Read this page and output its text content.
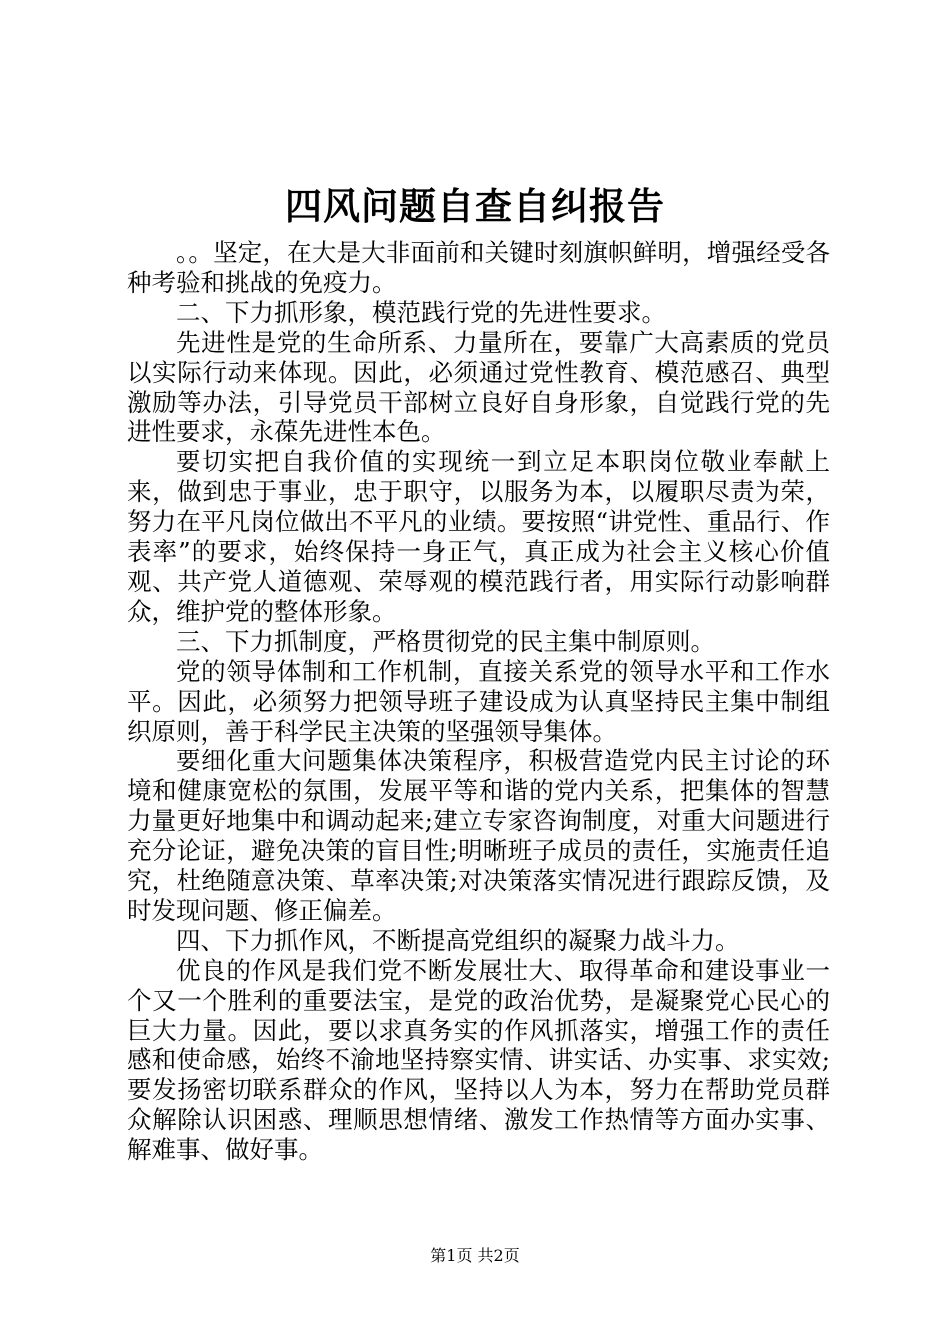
四风问题自查自纠报告

。。坚定，在大是大非面前和关键时刻旗帜鲜明，增强经受各种考验和挑战的免疫力。

二、下力抓形象，模范践行党的先进性要求。

先进性是党的生命所系、力量所在，要靠广大高素质的党员以实际行动来体现。因此，必须通过党性教育、模范感召、典型激励等办法，引导党员干部树立良好自身形象，自觉践行党的先进性要求，永葆先进性本色。

要切实把自我价值的实现统一到立足本职岗位敬业奉献上来，做到忠于事业，忠于职守，以服务为本，以履职尽责为荣，努力在平凡岗位做出不平凡的业绩。要按照“讲党性、重品行、作表率”的要求，始终保持一身正气，真正成为社会主义核心价值观、共产党人道德观、荣辱观的模范践行者，用实际行动影响群众，维护党的整体形象。

三、下力抓制度，严格贯彻党的民主集中制原则。

党的领导体制和工作机制，直接关系党的领导水平和工作水平。因此，必须努力把领导班子建设成为认真坚持民主集中制组织原则，善于科学民主决策的坚强领导集体。

要细化重大问题集体决策程序，积极营造党内民主讨论的环境和健康宽松的氛围，发展平等和谐的党内关系，把集体的智慧力量更好地集中和调动起来;建立专家咨询制度，对重大问题进行充分论证，避免决策的盲目性;明晰班子成员的责任，实施责任追究，杜绝随意决策、草率决策;对决策落实情况进行跟踪反馈，及时发现问题、修正偏差。

四、下力抓作风，不断提高党组织的凝聚力战斗力。

优良的作风是我们党不断发展壮大、取得革命和建设事业一个又一个胜利的重要法宝，是党的政治优势，是凝聚党心民心的巨大力量。因此，要以求真务实的作风抓落实，增强工作的责任感和使命感，始终不渝地坚持察实情、讲实话、办实事、求实效;要发扬密切联系群众的作风，坚持以人为本，努力在帮助党员群众解除认识困惑、理顺思想情绪、激发工作热情等方面办实事、解难事、做好事。

第1页 共2页
